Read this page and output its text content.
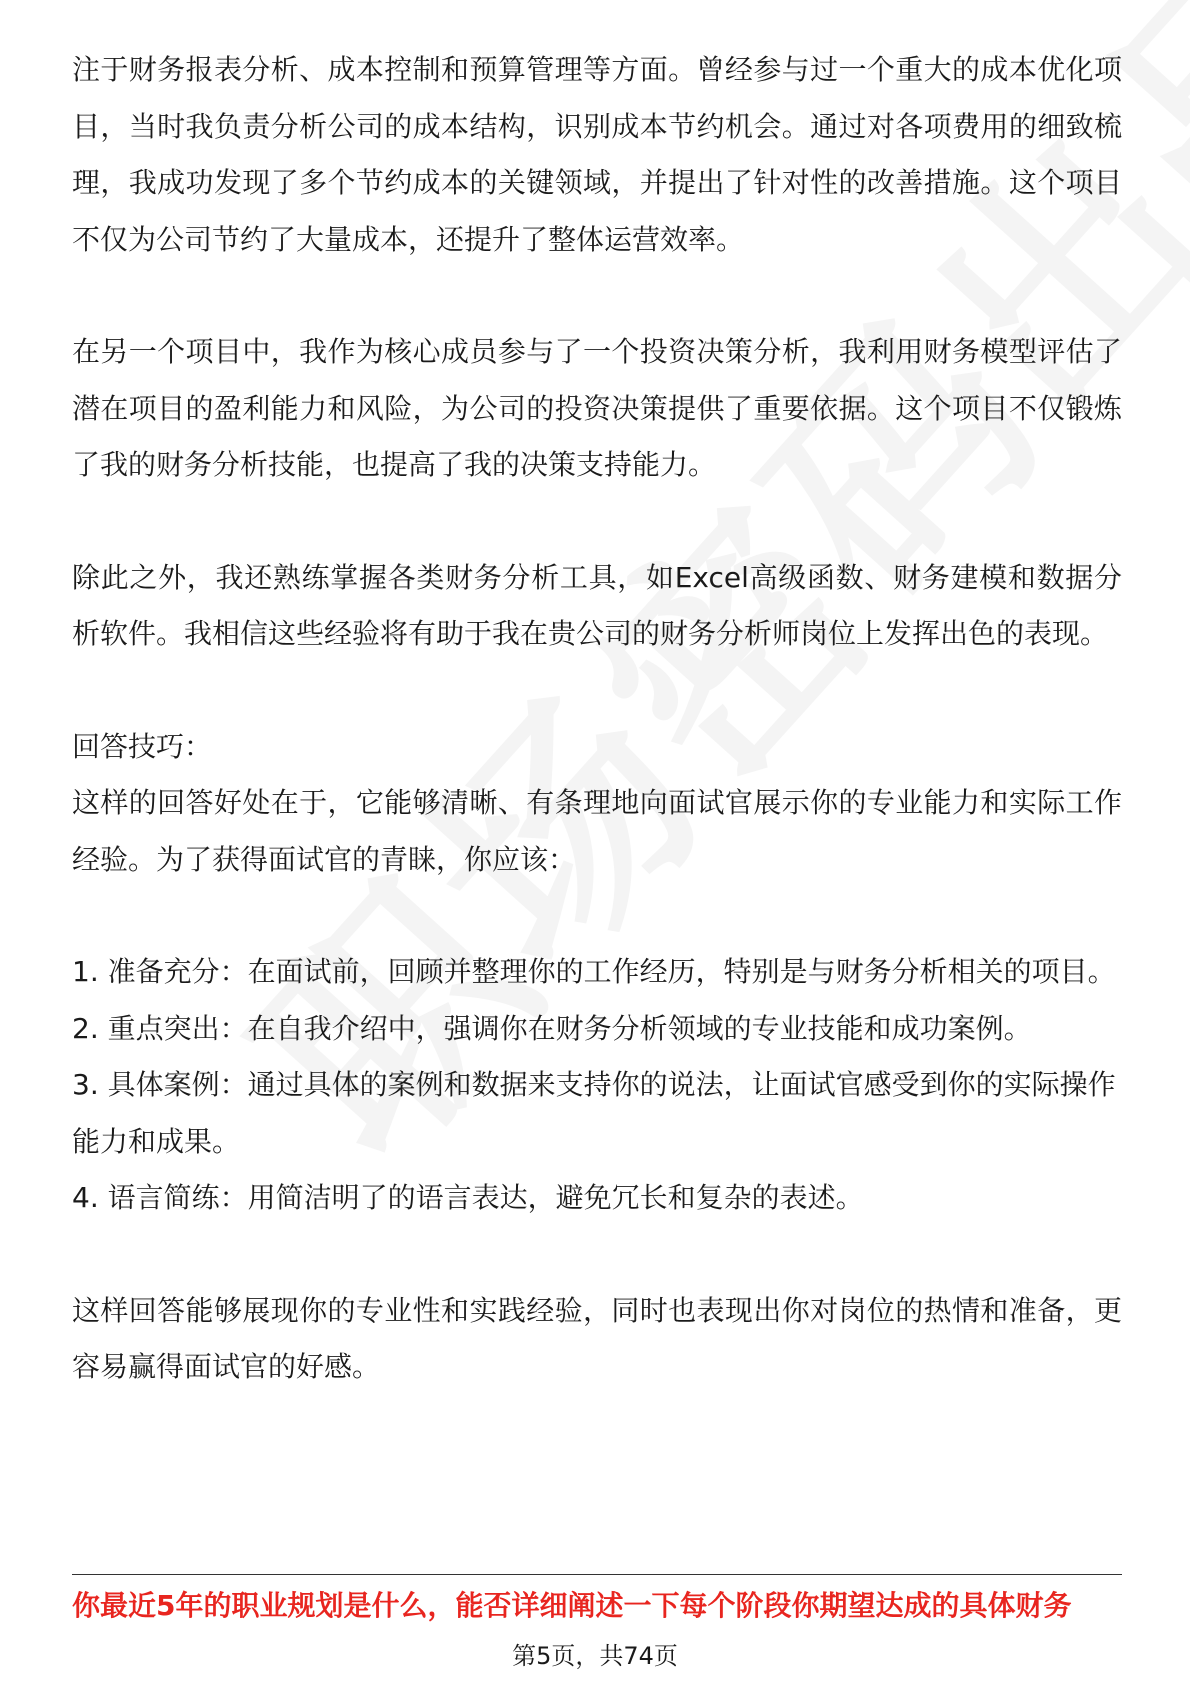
注于财务报表分析、成本控制和预算管理等方面。曾经参与过一个重大的成本优化项目，当时我负责分析公司的成本结构，识别成本节约机会。通过对各项费用的细致梳理，我成功发现了多个节约成本的关键领域，并提出了针对性的改善措施。这个项目不仅为公司节约了大量成本，还提升了整体运营效率。

在另一个项目中，我作为核心成员参与了一个投资决策分析，我利用财务模型评估了潜在项目的盈利能力和风险，为公司的投资决策提供了重要依据。这个项目不仅锻炼了我的财务分析技能，也提高了我的决策支持能力。

除此之外，我还熟练掌握各类财务分析工具，如Excel高级函数、财务建模和数据分析软件。我相信这些经验将有助于我在贵公司的财务分析师岗位上发挥出色的表现。

回答技巧：

这样的回答好处在于，它能够清晰、有条理地向面试官展示你的专业能力和实际工作经验。为了获得面试官的青睐，你应该：

1. 准备充分：在面试前，回顾并整理你的工作经历，特别是与财务分析相关的项目。

2. 重点突出：在自我介绍中，强调你在财务分析领域的专业技能和成功案例。

3. 具体案例：通过具体的案例和数据来支持你的说法，让面试官感受到你的实际操作能力和成果。

4. 语言简练：用简洁明了的语言表达，避免冗长和复杂的表述。

这样回答能够展现你的专业性和实践经验，同时也表现出你对岗位的热情和准备，更容易赢得面试官的好感。

你最近5年的职业规划是什么，能否详细阐述一下每个阶段你期望达成的具体财务
第5页，共74页
